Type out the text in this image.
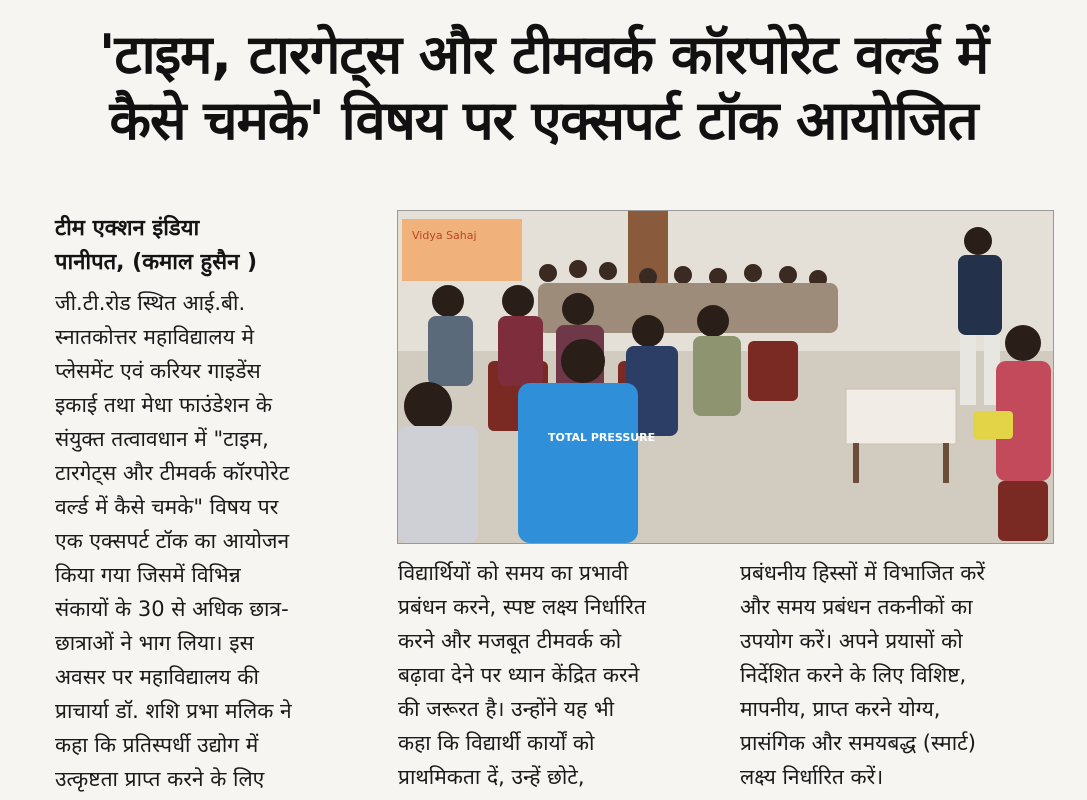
'टाइम, टारगेट्स और टीमवर्क कॉरपोरेट वर्ल्ड में
कैसे चमके' विषय पर एक्सपर्ट टॉक आयोजित
टीम एक्शन इंडिया
पानीपत, (कमाल हुसैन )

जी.टी.रोड स्थित आई.बी.

स्नातकोत्तर महाविद्यालय मे

प्लेसमेंट एवं करियर गाइडेंस

इकाई तथा मेधा फाउंडेशन के

संयुक्त तत्वावधान में "टाइम,

टारगेट्स और टीमवर्क कॉरपोरेट

वर्ल्ड में कैसे चमके" विषय पर

एक एक्सपर्ट टॉक का आयोजन

किया गया जिसमें विभिन्न

संकायों के 30 से अधिक छात्र-

छात्राओं ने भाग लिया। इस

अवसर पर महाविद्यालय की

प्राचार्या डॉ. शशि प्रभा मलिक ने

कहा कि प्रतिस्पर्धी उद्योग में

उत्कृष्टता प्राप्त करने के लिए

Vidya Sahaj
TOTAL PRESSURE

विद्यार्थियों को समय का प्रभावी

प्रबंधन करने, स्पष्ट लक्ष्य निर्धारित

करने और मजबूत टीमवर्क को

बढ़ावा देने पर ध्यान केंद्रित करने

की जरूरत है। उन्होंने यह भी

कहा कि विद्यार्थी कार्यों को

प्राथमिकता दें, उन्हें छोटे,

प्रबंधनीय हिस्सों में विभाजित करें

और समय प्रबंधन तकनीकों का

उपयोग करें। अपने प्रयासों को

निर्देशित करने के लिए विशिष्ट,

मापनीय, प्राप्त करने योग्य,

प्रासंगिक और समयबद्ध (स्मार्ट)

लक्ष्य निर्धारित करें।
